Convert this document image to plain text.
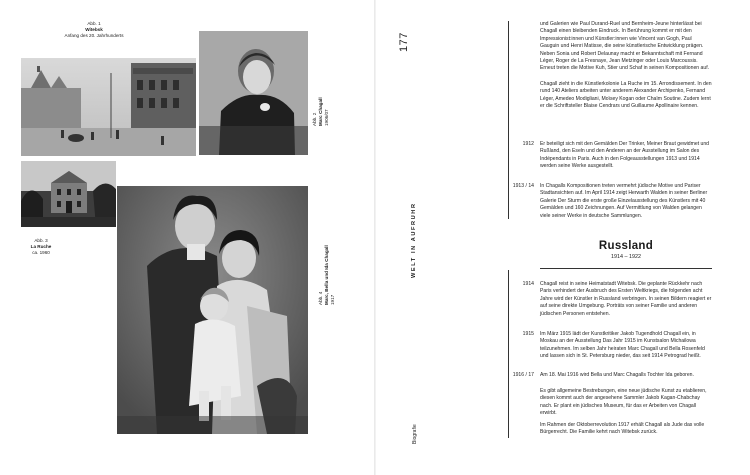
Abb. 1
Witebsk
Anfang des 20. Jahrhunderts
Abb. 2
Marc Chagall
1906/07
Abb. 3
La Ruche
ca. 1960
Abb. 4
Marc, Bella und Ida Chagall
1917
177
WELT IN AUFRUHR
Biografie

und Galerien wie Paul Durand-Ruel und Bernheim-Jeune hinterlässt bei Chagall einen bleibenden Eindruck. In Berührung kommt er mit den Impressionist:innen und Künstler:innen wie Vincent van Gogh, Paul Gauguin und Henri Matisse, die seine künstlerische Entwicklung prägen. Neben Sonia und Robert Delaunay macht er Bekanntschaft mit Fernand Léger, Roger de La Fresnaye, Jean Metzinger oder Louis Marcoussis. Erneut treten die Motive Kuh, Stier und Schaf in seinen Kompositionen auf.

Chagall zieht in die Künstlerkolonie La Ruche im 15. Arrondissement. In den rund 140 Ateliers arbeiten unter anderem Alexander Archipenko, Fernand Léger, Amedeo Modigliani, Moïsey Kogan oder Chaïm Soutine. Zudem lernt er die Schriftsteller Blaise Cendrars und Guillaume Apollinaire kennen.

1912 Er beteiligt sich mit den Gemälden Der Trinker, Meiner Braut gewidmet und Rußland, den Eseln und den Anderen an der Ausstellung im Salon des Indépendants in Paris. Auch in den Folgeausstellungen 1913 und 1914 werden seine Werke ausgestellt.
1913 / 14 In Chagalls Kompositionen treten vermehrt jüdische Motive und Pariser Stadtansichten auf. Im April 1914 zeigt Herwarth Walden in seiner Berliner Galerie Der Sturm die erste große Einzelausstellung des Künstlers mit 40 Gemälden und 160 Zeichnungen. Auf Vermittlung von Walden gelangen viele seiner Werke in deutsche Sammlungen.
Russland
1914 – 1922
1914 Chagall reist in seine Heimatstadt Witebsk. Die geplante Rückkehr nach Paris verhindert der Ausbruch des Ersten Weltkriegs, die folgenden acht Jahre wird der Künstler in Russland verbringen. In seinen Bildern reagiert er auf seine direkte Umgebung. Porträts von seiner Familie und anderen jüdischen Personen entstehen.
1915 Im März 1915 lädt der Kunstkritiker Jakob Tugendhold Chagall ein, in Moskau an der Ausstellung Das Jahr 1915 im Kunstsalon Michailowa teilzunehmen. Im selben Jahr heiraten Marc Chagall und Bella Rosenfeld und lassen sich in St. Petersburg nieder, das seit 1914 Petrograd heißt.
1916 / 17 Am 18. Mai 1916 wird Bella und Marc Chagalls Tochter Ida geboren.

Es gibt allgemeine Bestrebungen, eine neue jüdische Kunst zu etablieren, diesen kommt auch der angesehene Sammler Jakob Kagan-Chabchay nach. Er plant ein jüdisches Museum, für das er Arbeiten von Chagall erwirbt.

Im Rahmen der Oktoberrevolution 1917 erhält Chagall als Jude das volle Bürgerrecht. Die Familie kehrt nach Witebsk zurück.
